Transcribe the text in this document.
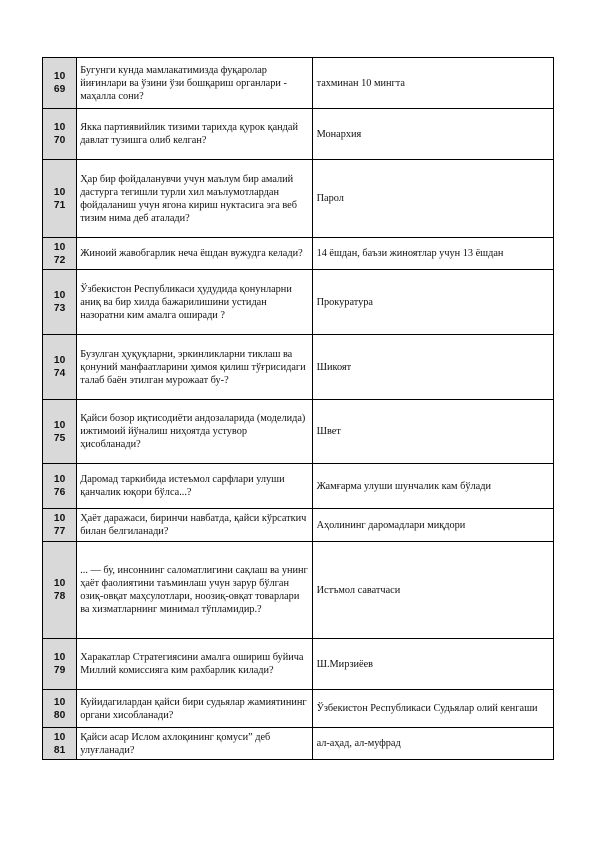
1069	Бугунги кунда мамлакатимизда фуқаролар йиғинлари ва ўзини ўзи бошқариш органлари - маҳалла сони?	тахминан 10 мингта

1070	Якка партиявийлик тизими тарихда қурок қандай давлат тузишга олиб келган?	Монархия

1071	Ҳар бир фойдаланувчи учун маълум бир амалий дастурга тегишли турли хил маълумотлардан фойдаланиш учун ягона кириш нуктасига эга веб тизим нима деб аталади?	Парол

1072	Жиноий жавобгарлик неча ёшдан вужудга келади?	14 ёшдан, баъзи жиноятлар учун 13 ёшдан

1073	Ўзбекистон Республикаси ҳудудида қонунларни аниқ ва бир хилда бажарилишини устидан назоратни ким амалга оширади ?	Прокуратура

1074	Бузулган ҳуқуқларни, эркинликларни тиклаш ва қонуний манфаатларини ҳимоя қилиш тўғрисидаги талаб баён этилган мурожаат бу-?	Шикоят

1075	Қайси бозор иқтисодиёти андозаларида (моделида) ижтимоий йўналиш ниҳоятда устувор ҳисобланади?	Швет

1076	Даромад таркибида истеъмол сарфлари улуши қанчалик юқори бўлса...?	Жамғарма улуши шунчалик кам бўлади

1077	Ҳаёт даражаси, биринчи навбатда, қайси кўрсаткич билан белгиланади?	Аҳолининг даромадлари миқдори

1078	... — бу, инсоннинг саломатлигини сақлаш ва унинг ҳаёт фаолиятини таъминлаш учун зарур бўлган озиқ-овқат маҳсулотлари, ноозиқ-овқат товарлари ва хизматларнинг минимал тўпламидир.?	Истъмол саватчаси

1079	Харакатлар Стратегиясини амалга ошириш буйича Миллий комиссияга ким рахбарлик килади?	Ш.Мирзиёев

1080	Куйидагилардан қайси бири судьялар жамиятининг органи хисобланади?	Ўзбекистон Республикаси Судьялар олий кенгаши

1081	Қайси асар Ислом ахлоқининг қомуси” деб улуғланади?	ал-аҳад, ал-муфрад
